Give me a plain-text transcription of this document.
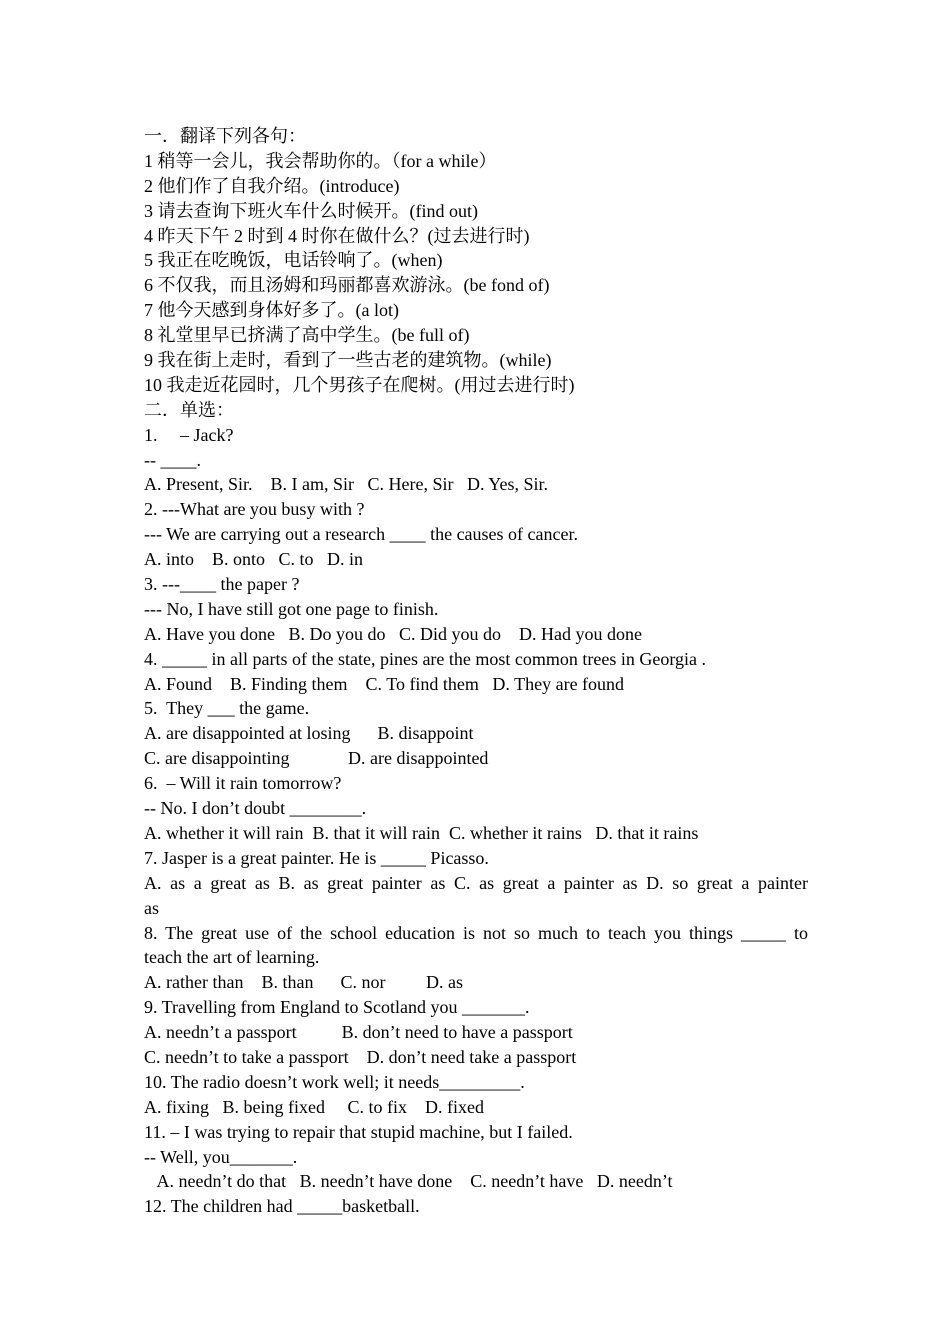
一．翻译下列各句：
1 稍等一会儿，我会帮助你的。（for a while）
2 他们作了自我介绍。(introduce)
3 请去查询下班火车什么时候开。(find out)
4 昨天下午 2 时到 4 时你在做什么？(过去进行时)
5 我正在吃晚饭，电话铃响了。(when)
6 不仅我，而且汤姆和玛丽都喜欢游泳。(be fond of)
7 他今天感到身体好多了。(a lot)
8 礼堂里早已挤满了高中学生。(be full of)
9 我在街上走时，看到了一些古老的建筑物。(while)
10 我走近花园时，几个男孩子在爬树。(用过去进行时)
二．单选：
1.     – Jack?
-- ____.
A. Present, Sir.    B. I am, Sir   C. Here, Sir   D. Yes, Sir.
2. ---What are you busy with ?
--- We are carrying out a research ____ the causes of cancer.
A. into    B. onto   C. to   D. in
3. ---____ the paper ?
--- No, I have still got one page to finish.
A. Have you done   B. Do you do   C. Did you do    D. Had you done
4. _____ in all parts of the state, pines are the most common trees in Georgia .
A. Found    B. Finding them    C. To find them   D. They are found
5.  They ___ the game.
A. are disappointed at losing      B. disappoint
C. are disappointing             D. are disappointed
6.  – Will it rain tomorrow?
-- No. I don’t doubt ________.
A. whether it will rain  B. that it will rain  C. whether it rains   D. that it rains
7. Jasper is a great painter. He is _____ Picasso.
A. as a great as B. as great painter as C. as great a painter as D. so great a painter
as
8. The great use of the school education is not so much to teach you things _____ to
teach the art of learning.
A. rather than    B. than      C. nor         D. as
9. Travelling from England to Scotland you _______.
A. needn’t a passport          B. don’t need to have a passport
C. needn’t to take a passport    D. don’t need take a passport
10. The radio doesn’t work well; it needs_________.
A. fixing   B. being fixed     C. to fix    D. fixed
11. – I was trying to repair that stupid machine, but I failed.
-- Well, you_______.
A. needn’t do that   B. needn’t have done    C. needn’t have   D. needn’t
12. The children had _____basketball.
